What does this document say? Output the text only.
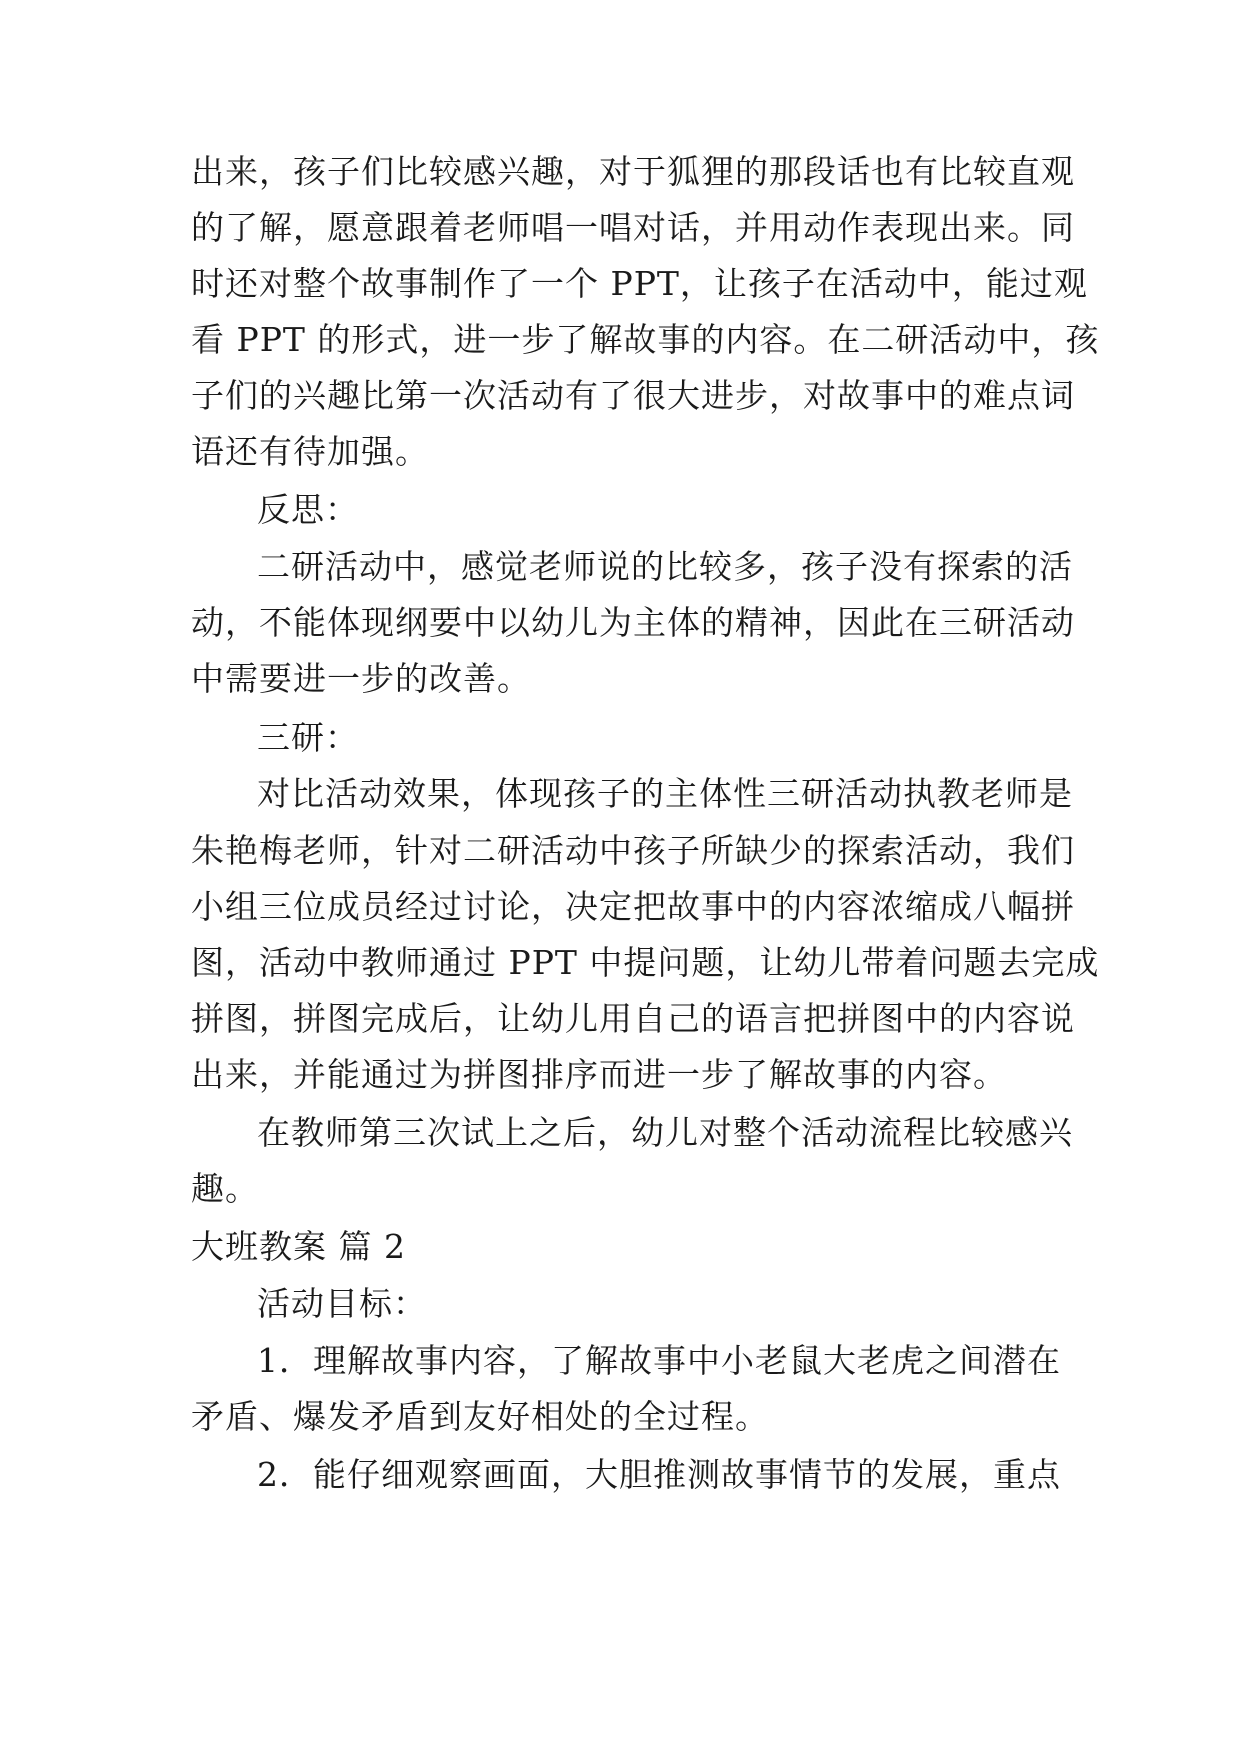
出来，孩子们比较感兴趣，对于狐狸的那段话也有比较直观
的了解，愿意跟着老师唱一唱对话，并用动作表现出来。同
时还对整个故事制作了一个 PPT，让孩子在活动中，能过观
看 PPT 的形式，进一步了解故事的内容。在二研活动中，孩
子们的兴趣比第一次活动有了很大进步，对故事中的难点词
语还有待加强。
反思：
二研活动中，感觉老师说的比较多，孩子没有探索的活
动，不能体现纲要中以幼儿为主体的精神，因此在三研活动
中需要进一步的改善。
三研：
对比活动效果，体现孩子的主体性三研活动执教老师是
朱艳梅老师，针对二研活动中孩子所缺少的探索活动，我们
小组三位成员经过讨论，决定把故事中的内容浓缩成八幅拼
图，活动中教师通过 PPT 中提问题，让幼儿带着问题去完成
拼图，拼图完成后，让幼儿用自己的语言把拼图中的内容说
出来，并能通过为拼图排序而进一步了解故事的内容。
在教师第三次试上之后，幼儿对整个活动流程比较感兴
趣。
大班教案 篇 2
活动目标：
1．理解故事内容，了解故事中小老鼠大老虎之间潜在
矛盾、爆发矛盾到友好相处的全过程。
2．能仔细观察画面，大胆推测故事情节的发展，重点
